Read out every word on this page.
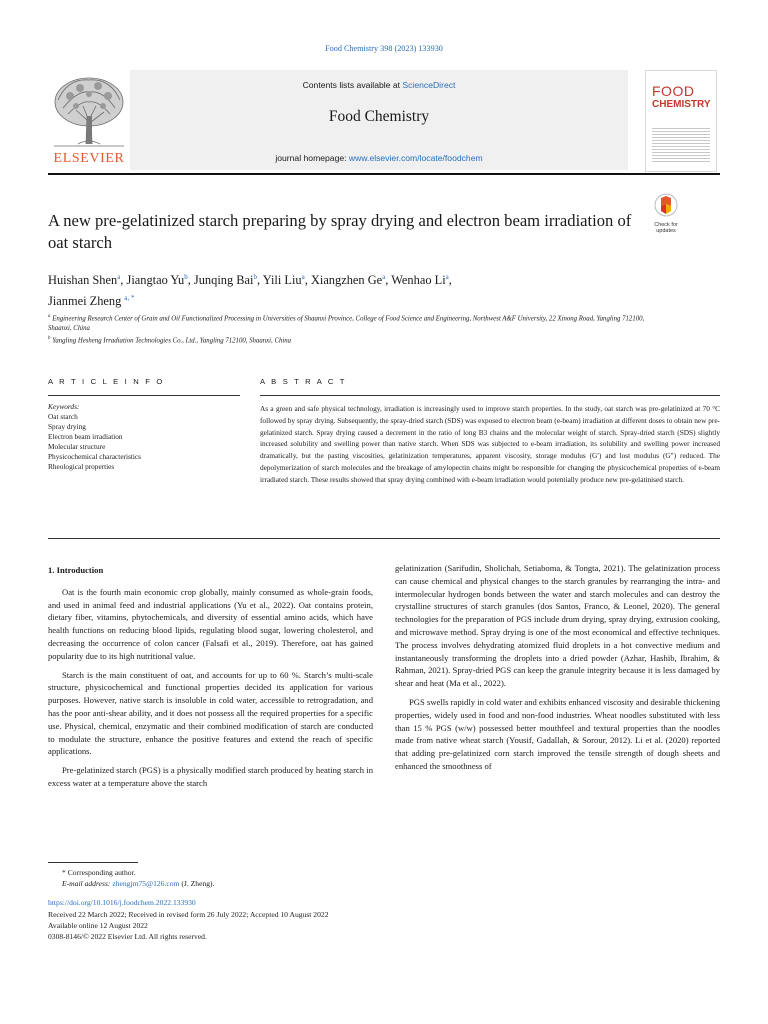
Food Chemistry 398 (2023) 133930
ELSEVIER
Contents lists available at ScienceDirect
Food Chemistry
journal homepage: www.elsevier.com/locate/foodchem
FOOD
CHEMISTRY
Check for updates
A new pre-gelatinized starch preparing by spray drying and electron beam irradiation of oat starch
Huishan Shen$^a$, Jiangtao Yu$^b$, Junqing Bai$^b$, Yili Liu$^a$, Xiangzhen Ge$^a$, Wenhao Li$^a$,
Jianmei Zheng $^{a, *}$
$^a$ Engineering Research Center of Grain and Oil Functionalized Processing in Universities of Shaanxi Province, College of Food Science and Engineering, Northwest A&F University, 22 Xinong Road, Yangling 712100, Shaanxi, China
$^b$ Yangling Hesheng Irradiation Technologies Co., Ltd., Yangling 712100, Shaanxi, China
A R T I C L E I N F O	A B S T R A C T
Keywords:
Oat starch
Spray drying
Electron beam irradiation
Molecular structure
Physicochemical characteristics
Rheological properties
As a green and safe physical technology, irradiation is increasingly used to improve starch properties. In the study, oat starch was pre-gelatinized at 70 °C followed by spray drying. Subsequently, the spray-dried starch (SDS) was exposed to electron beam (e-beam) irradiation at different doses to obtain new pre-gelatinized starch. Spray drying caused a decrement in the ratio of long B3 chains and the molecular weight of starch. Spray-dried starch (SDS) slightly increased solubility and swelling power than native starch. When SDS was subjected to e-beam irradiation, its solubility and swelling power increased dramatically, but the pasting viscosities, gelatinization temperatures, apparent viscosity, storage modulus (G′) and lost modulus (G″) reduced. The depolymerization of starch molecules and the breakage of amylopectin chains might be responsible for changing the physicochemical properties of e-beam irradiated starch. These results showed that spray drying combined with e-beam irradiation would potentially produce new pre-gelatinised starch.
1. Introduction

Oat is the fourth main economic crop globally, mainly consumed as whole-grain foods, and used in animal feed and industrial applications (Yu et al., 2022). Oat contains protein, dietary fiber, vitamins, phytochemicals, and diversity of essential amino acids, which have health functions on reducing blood lipids, regulating blood sugar, lowering cholesterol, and decreasing the occurrence of colon cancer (Falsafi et al., 2019). Therefore, oat has gained popularity due to its high nutritional value.

Starch is the main constituent of oat, and accounts for up to 60 %. Starch’s multi-scale structure, physicochemical and functional properties decided its application for various purposes. However, native starch is insoluble in cold water, accessible to retrogradation, and has the poor anti-shear ability, and it does not possess all the required properties for a specific use. Physical, chemical, enzymatic and their combined modification of starch are conducted to modulate the structure, enhance the positive features and extend the reach of specific applications.

Pre-gelatinized starch (PGS) is a physically modified starch produced by heating starch in excess water at a temperature above the starch

gelatinization (Sarifudin, Sholichah, Setiaboma, & Tongta, 2021). The gelatinization process can cause chemical and physical changes to the starch granules by rearranging the intra- and intermolecular hydrogen bonds between the water and starch molecules and can destroy the crystalline structures of starch granules (dos Santos, Franco, & Leonel, 2020). The general technologies for the preparation of PGS include drum drying, spray drying, extrusion cooking, and microwave method. Spray drying is one of the most economical and effective techniques. The process involves dehydrating atomized fluid droplets in a hot convective medium and instantaneously transforming the droplets into a dried powder (Azhar, Hashib, Ibrahim, & Rahman, 2021). Spray-dried PGS can keep the granule integrity because it is less damaged by shear and heat (Ma et al., 2022).

PGS swells rapidly in cold water and exhibits enhanced viscosity and desirable thickening properties, widely used in food and non-food industries. Wheat noodles substituted with less than 15 % PGS (w/w) possessed better mouthfeel and textural properties than the noodles made from native wheat starch (Yousif, Gadallah, & Sorour, 2012). Li et al. (2020) reported that adding pre-gelatinized corn starch improved the tensile strength of dough sheets and enhanced the smoothness of

* Corresponding author.
E-mail address: zhengjm75@126.com (J. Zheng).
https://doi.org/10.1016/j.foodchem.2022.133930
Received 22 March 2022; Received in revised form 26 July 2022; Accepted 10 August 2022
Available online 12 August 2022
0308-8146/© 2022 Elsevier Ltd. All rights reserved.
